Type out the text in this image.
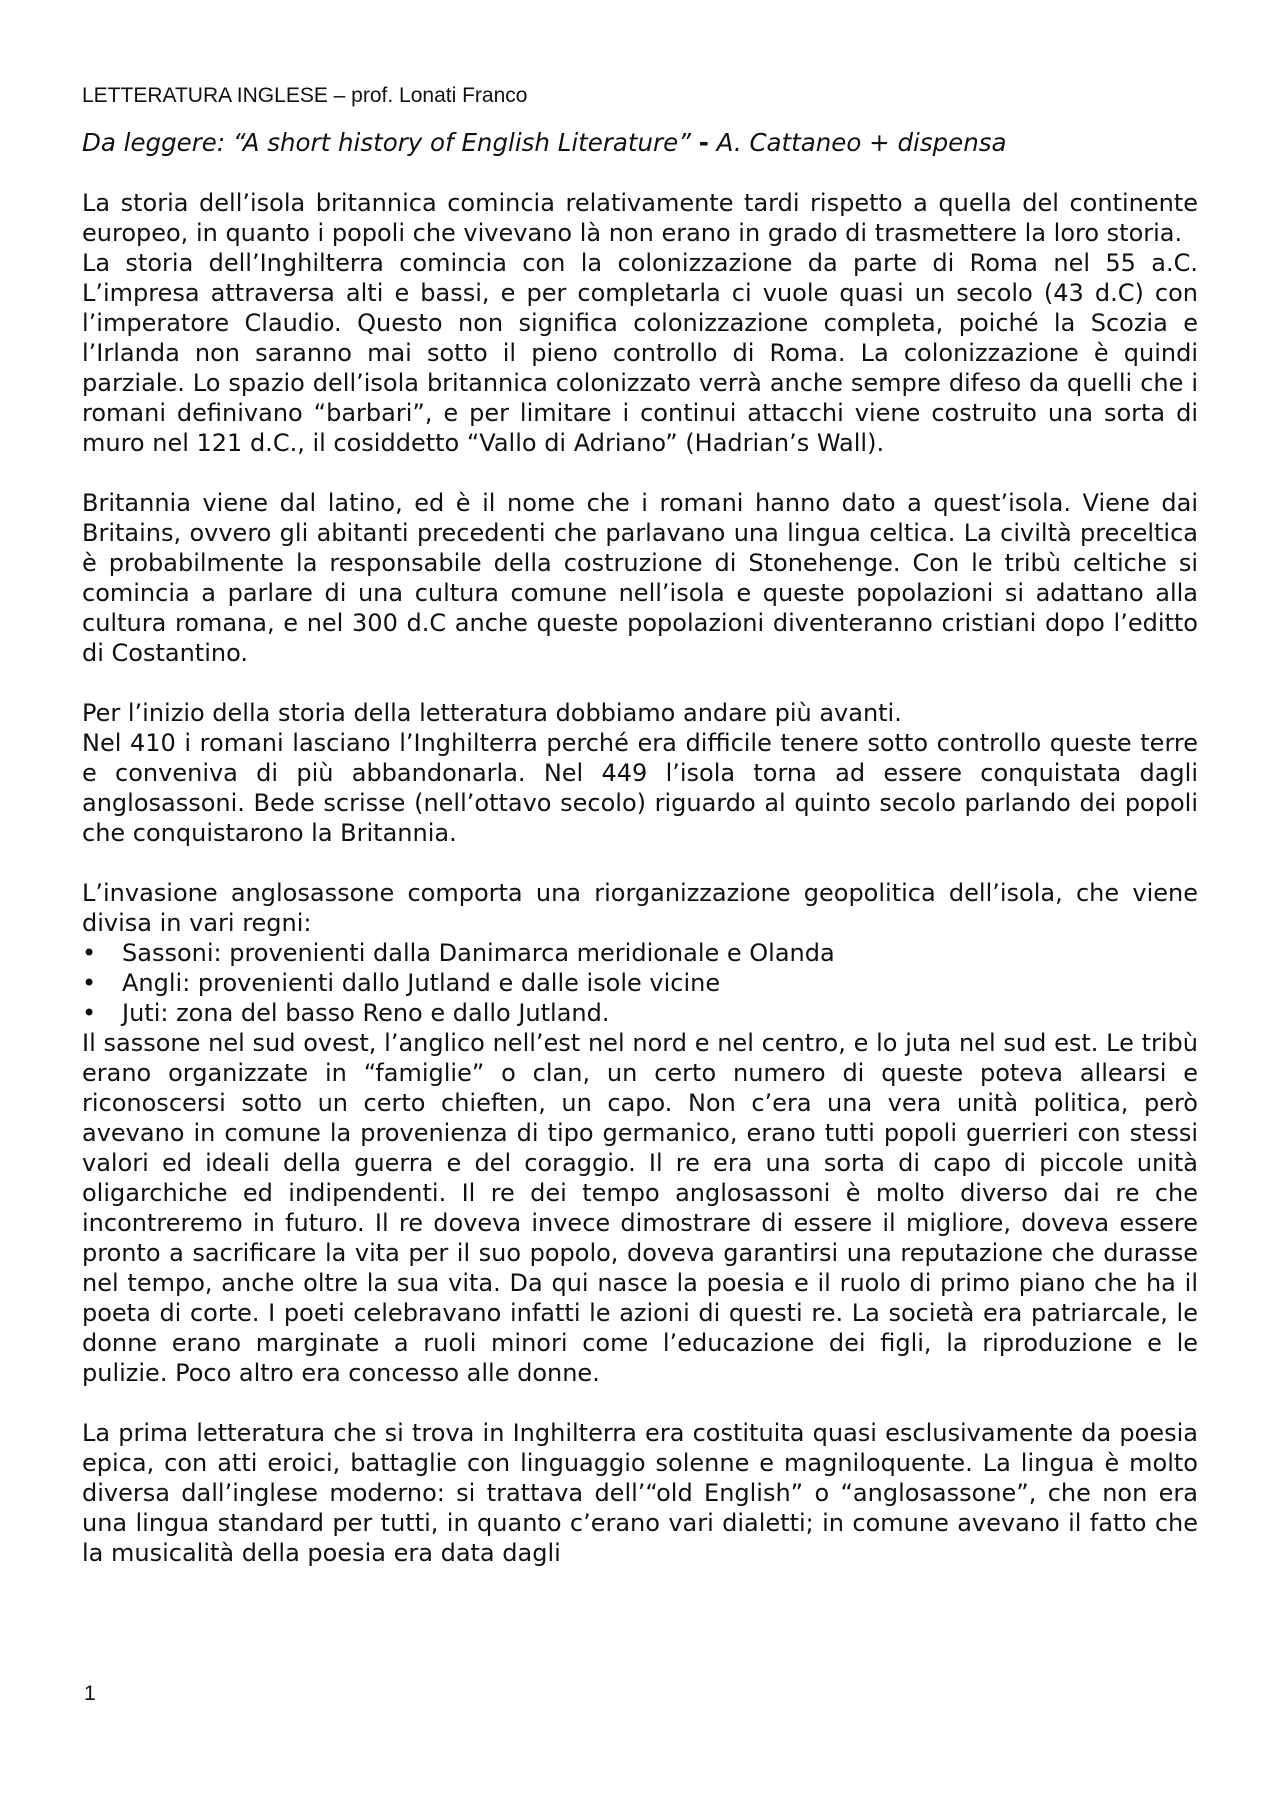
LETTERATURA INGLESE – prof. Lonati Franco
Da leggere: “A short history of English Literature” - A. Cattaneo + dispensa

La storia dell’isola britannica comincia relativamente tardi rispetto a quella del continente europeo, in quanto i popoli che vivevano là non erano in grado di trasmettere la loro storia.

La storia dell’Inghilterra comincia con la colonizzazione da parte di Roma nel 55 a.C. L’impresa attraversa alti e bassi, e per completarla ci vuole quasi un secolo (43 d.C) con l’imperatore Claudio. Questo non significa colonizzazione completa, poiché la Scozia e l’Irlanda non saranno mai sotto il pieno controllo di Roma. La colonizzazione è quindi parziale. Lo spazio dell’isola britannica colonizzato verrà anche sempre difeso da quelli che i romani definivano “barbari”, e per limitare i continui attacchi viene costruito una sorta di muro nel 121 d.C., il cosiddetto “Vallo di Adriano” (Hadrian’s Wall).

Britannia viene dal latino, ed è il nome che i romani hanno dato a quest’isola. Viene dai Britains, ovvero gli abitanti precedenti che parlavano una lingua celtica. La civiltà preceltica è probabilmente la responsabile della costruzione di Stonehenge. Con le tribù celtiche si comincia a parlare di una cultura comune nell’isola e queste popolazioni si adattano alla cultura romana, e nel 300 d.C anche queste popolazioni diventeranno cristiani dopo l’editto di Costantino.

Per l’inizio della storia della letteratura dobbiamo andare più avanti.

Nel 410 i romani lasciano l’Inghilterra perché era difficile tenere sotto controllo queste terre e conveniva di più abbandonarla. Nel 449 l’isola torna ad essere conquistata dagli anglosassoni. Bede scrisse (nell’ottavo secolo) riguardo al quinto secolo parlando dei popoli che conquistarono la Britannia.

L’invasione anglosassone comporta una riorganizzazione geopolitica dell’isola, che viene divisa in vari regni:

•	Sassoni: provenienti dalla Danimarca meridionale e Olanda
•	Angli: provenienti dallo Jutland e dalle isole vicine
•	Juti: zona del basso Reno e dallo Jutland.

Il sassone nel sud ovest, l’anglico nell’est nel nord e nel centro, e lo juta nel sud est. Le tribù erano organizzate in “famiglie” o clan, un certo numero di queste poteva allearsi e riconoscersi sotto un certo chieften, un capo. Non c’era una vera unità politica, però avevano in comune la provenienza di tipo germanico, erano tutti popoli guerrieri con stessi valori ed ideali della guerra e del coraggio. Il re era una sorta di capo di piccole unità oligarchiche ed indipendenti. Il re dei tempo anglosassoni è molto diverso dai re che incontreremo in futuro. Il re doveva invece dimostrare di essere il migliore, doveva essere pronto a sacrificare la vita per il suo popolo, doveva garantirsi una reputazione che durasse nel tempo, anche oltre la sua vita. Da qui nasce la poesia e il ruolo di primo piano che ha il poeta di corte. I poeti celebravano infatti le azioni di questi re. La società era patriarcale, le donne erano marginate a ruoli minori come l’educazione dei figli, la riproduzione e le pulizie. Poco altro era concesso alle donne.

La prima letteratura che si trova in Inghilterra era costituita quasi esclusivamente da poesia epica, con atti eroici, battaglie con linguaggio solenne e magniloquente. La lingua è molto diversa dall’inglese moderno: si trattava dell’“old English” o “anglosassone”, che non era una lingua standard per tutti, in quanto c’erano vari dialetti; in comune avevano il fatto che la musicalità della poesia era data dagli

1
